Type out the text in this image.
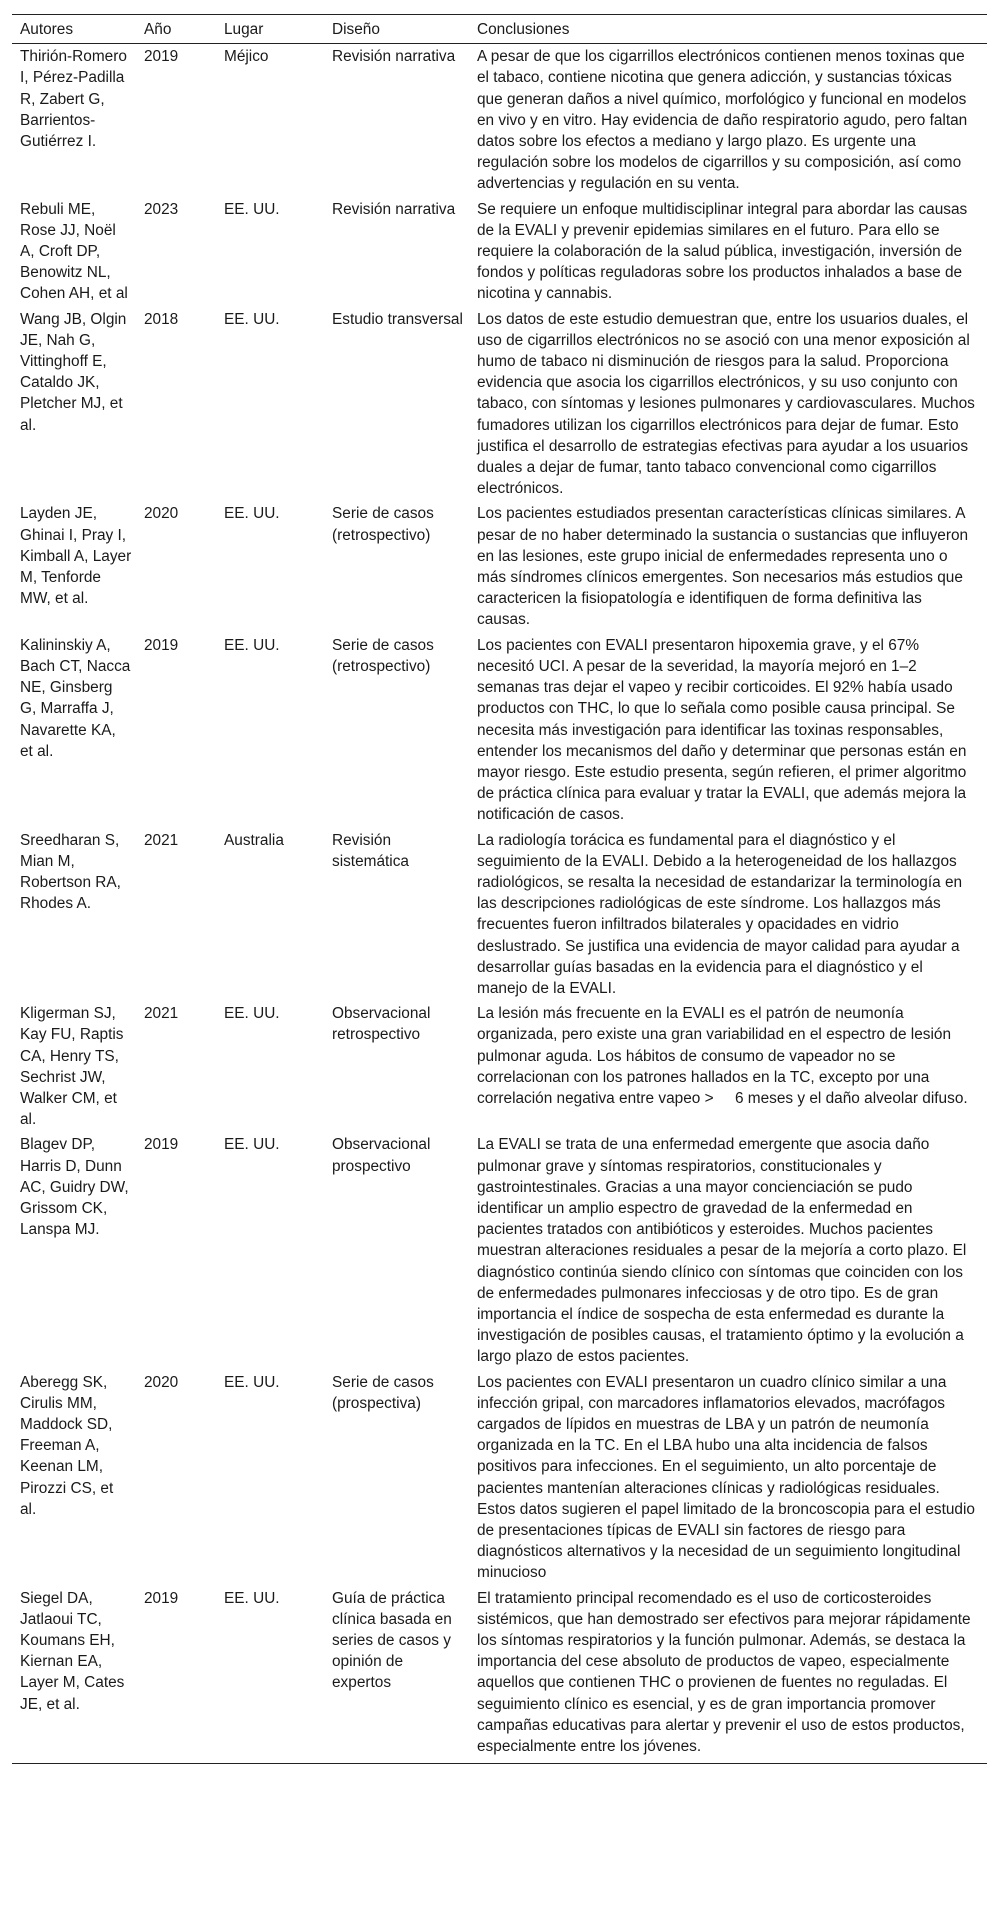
Autores	Año	Lugar	Diseño	Conclusiones
Thirión-Romero I, Pérez-Padilla R, Zabert G, Barrientos-Gutiérrez I.	2019	Méjico	Revisión narrativa	A pesar de que los cigarrillos electrónicos contienen menos toxinas que el tabaco, contiene nicotina que genera adicción, y sustancias tóxicas que generan daños a nivel químico, morfológico y funcional en modelos en vivo y en vitro. Hay evidencia de daño respiratorio agudo, pero faltan datos sobre los efectos a mediano y largo plazo. Es urgente una regulación sobre los modelos de cigarrillos y su composición, así como advertencias y regulación en su venta.
Rebuli ME, Rose JJ, Noël A, Croft DP, Benowitz NL, Cohen AH, et al	2023	EE. UU.	Revisión narrativa	Se requiere un enfoque multidisciplinar integral para abordar las causas de la EVALI y prevenir epidemias similares en el futuro. Para ello se requiere la colaboración de la salud pública, investigación, inversión de fondos y políticas reguladoras sobre los productos inhalados a base de nicotina y cannabis.
Wang JB, Olgin JE, Nah G, Vittinghoff E, Cataldo JK, Pletcher MJ, et al.	2018	EE. UU.	Estudio transversal	Los datos de este estudio demuestran que, entre los usuarios duales, el uso de cigarrillos electrónicos no se asoció con una menor exposición al humo de tabaco ni disminución de riesgos para la salud. Proporciona evidencia que asocia los cigarrillos electrónicos, y su uso conjunto con tabaco, con síntomas y lesiones pulmonares y cardiovasculares. Muchos fumadores utilizan los cigarrillos electrónicos para dejar de fumar. Esto justifica el desarrollo de estrategias efectivas para ayudar a los usuarios duales a dejar de fumar, tanto tabaco convencional como cigarrillos electrónicos.
Layden JE, Ghinai I, Pray I, Kimball A, Layer M, Tenforde MW, et al.	2020	EE. UU.	Serie de casos (retrospectivo)	Los pacientes estudiados presentan características clínicas similares. A pesar de no haber determinado la sustancia o sustancias que influyeron en las lesiones, este grupo inicial de enfermedades representa uno o más síndromes clínicos emergentes. Son necesarios más estudios que caractericen la fisiopatología e identifiquen de forma definitiva las causas.
Kalininskiy A, Bach CT, Nacca NE, Ginsberg G, Marraffa J, Navarette KA, et al.	2019	EE. UU.	Serie de casos (retrospectivo)	Los pacientes con EVALI presentaron hipoxemia grave, y el 67% necesitó UCI. A pesar de la severidad, la mayoría mejoró en 1–2 semanas tras dejar el vapeo y recibir corticoides. El 92% había usado productos con THC, lo que lo señala como posible causa principal. Se necesita más investigación para identificar las toxinas responsables, entender los mecanismos del daño y determinar que personas están en mayor riesgo. Este estudio presenta, según refieren, el primer algoritmo de práctica clínica para evaluar y tratar la EVALI, que además mejora la notificación de casos.
Sreedharan S, Mian M, Robertson RA, Rhodes A.	2021	Australia	Revisión sistemática	La radiología torácica es fundamental para el diagnóstico y el seguimiento de la EVALI. Debido a la heterogeneidad de los hallazgos radiológicos, se resalta la necesidad de estandarizar la terminología en las descripciones radiológicas de este síndrome. Los hallazgos más frecuentes fueron infiltrados bilaterales y opacidades en vidrio deslustrado. Se justifica una evidencia de mayor calidad para ayudar a desarrollar guías basadas en la evidencia para el diagnóstico y el manejo de la EVALI.
Kligerman SJ, Kay FU, Raptis CA, Henry TS, Sechrist JW, Walker CM, et al.	2021	EE. UU.	Observacional retrospectivo	La lesión más frecuente en la EVALI es el patrón de neumonía organizada, pero existe una gran variabilidad en el espectro de lesión pulmonar aguda. Los hábitos de consumo de vapeador no se correlacionan con los patrones hallados en la TC, excepto por una correlación negativa entre vapeo >     6 meses y el daño alveolar difuso.
Blagev DP, Harris D, Dunn AC, Guidry DW, Grissom CK, Lanspa MJ.	2019	EE. UU.	Observacional prospectivo	La EVALI se trata de una enfermedad emergente que asocia daño pulmonar grave y síntomas respiratorios, constitucionales y gastrointestinales. Gracias a una mayor concienciación se pudo identificar un amplio espectro de gravedad de la enfermedad en pacientes tratados con antibióticos y esteroides. Muchos pacientes muestran alteraciones residuales a pesar de la mejoría a corto plazo. El diagnóstico continúa siendo clínico con síntomas que coinciden con los de enfermedades pulmonares infecciosas y de otro tipo. Es de gran importancia el índice de sospecha de esta enfermedad es durante la investigación de posibles causas, el tratamiento óptimo y la evolución a largo plazo de estos pacientes.
Aberegg SK, Cirulis MM, Maddock SD, Freeman A, Keenan LM, Pirozzi CS, et al.	2020	EE. UU.	Serie de casos (prospectiva)	Los pacientes con EVALI presentaron un cuadro clínico similar a una infección gripal, con marcadores inflamatorios elevados, macrófagos cargados de lípidos en muestras de LBA y un patrón de neumonía organizada en la TC. En el LBA hubo una alta incidencia de falsos positivos para infecciones. En el seguimiento, un alto porcentaje de pacientes mantenían alteraciones clínicas y radiológicas residuales. Estos datos sugieren el papel limitado de la broncoscopia para el estudio de presentaciones típicas de EVALI sin factores de riesgo para diagnósticos alternativos y la necesidad de un seguimiento longitudinal minucioso
Siegel DA, Jatlaoui TC, Koumans EH, Kiernan EA, Layer M, Cates JE, et al.	2019	EE. UU.	Guía de práctica clínica basada en series de casos y opinión de expertos	El tratamiento principal recomendado es el uso de corticosteroides sistémicos, que han demostrado ser efectivos para mejorar rápidamente los síntomas respiratorios y la función pulmonar. Además, se destaca la importancia del cese absoluto de productos de vapeo, especialmente aquellos que contienen THC o provienen de fuentes no reguladas. El seguimiento clínico es esencial, y es de gran importancia promover campañas educativas para alertar y prevenir el uso de estos productos, especialmente entre los jóvenes.
